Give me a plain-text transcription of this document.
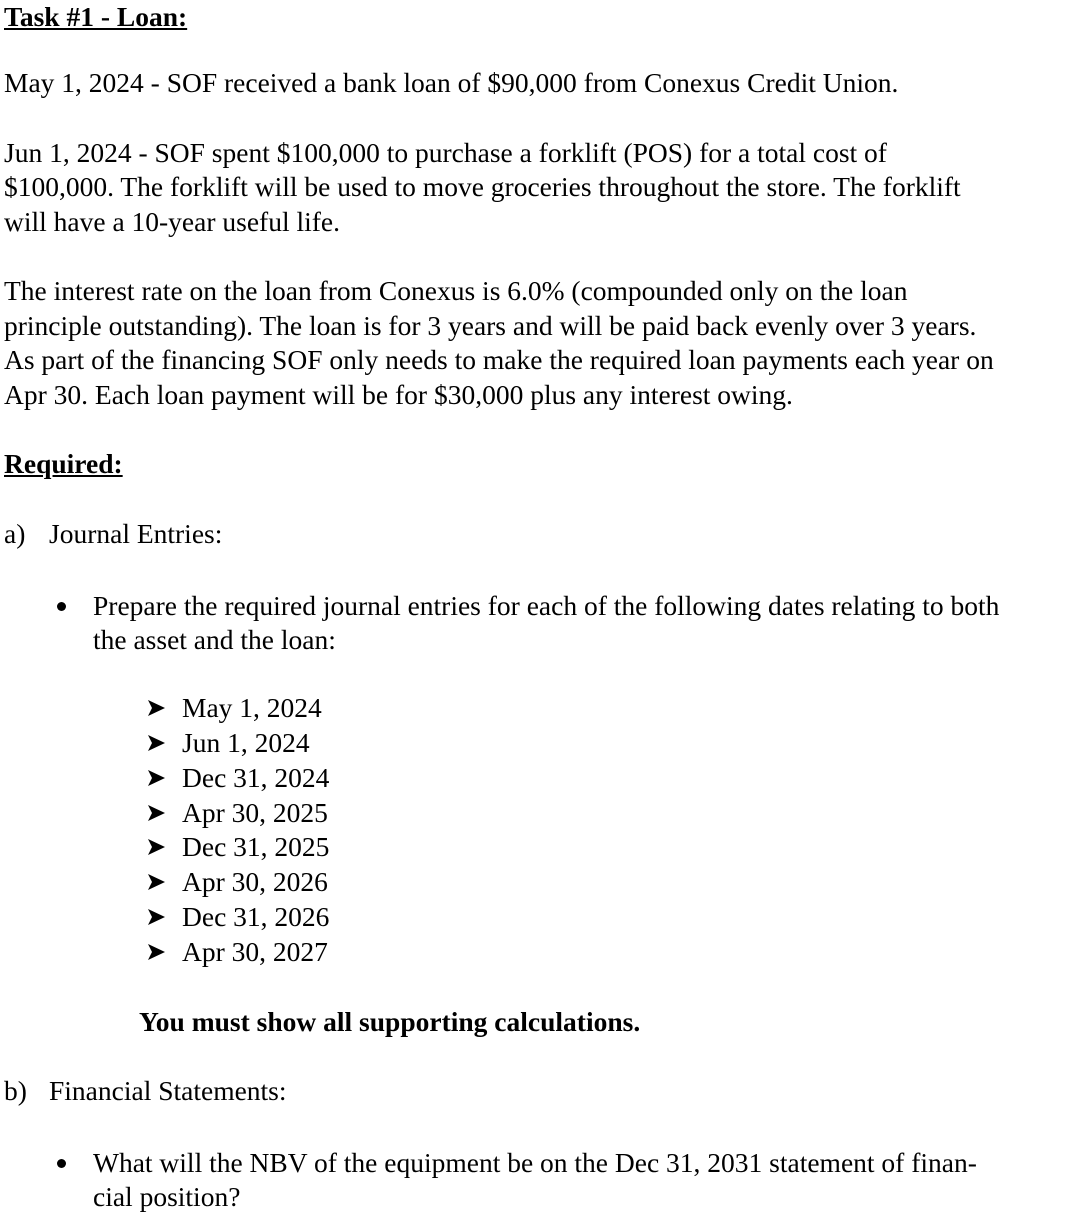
Task #1 - Loan:
May 1, 2024 - SOF received a bank loan of $90,000 from Conexus Credit Union.
Jun 1, 2024 - SOF spent $100,000 to purchase a forklift (POS) for a total cost of
$100,000. The forklift will be used to move groceries throughout the store. The forklift
will have a 10-year useful life.
The interest rate on the loan from Conexus is 6.0% (compounded only on the loan
principle outstanding). The loan is for 3 years and will be paid back evenly over 3 years.
As part of the financing SOF only needs to make the required loan payments each year on
Apr 30. Each loan payment will be for $30,000 plus any interest owing.
Required:
a) Journal Entries:
Prepare the required journal entries for each of the following dates relating to both
the asset and the loan:
May 1, 2024
Jun 1, 2024
Dec 31, 2024
Apr 30, 2025
Dec 31, 2025
Apr 30, 2026
Dec 31, 2026
Apr 30, 2027
You must show all supporting calculations.
b) Financial Statements:
What will the NBV of the equipment be on the Dec 31, 2031 statement of finan-
cial position?
